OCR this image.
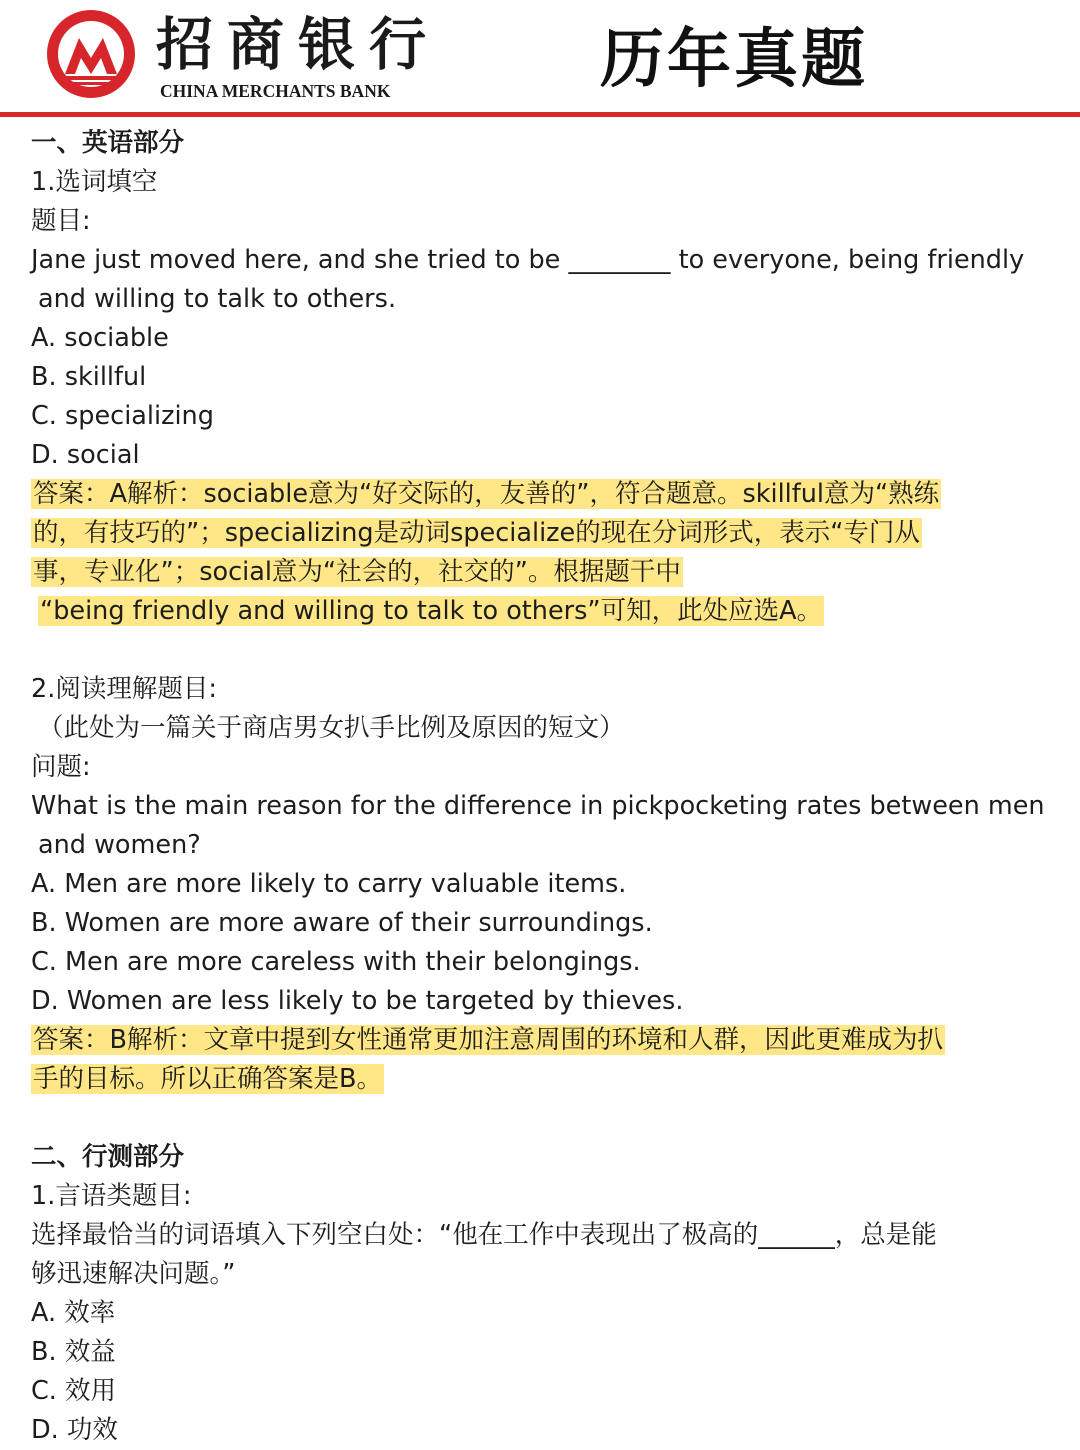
招商银行
CHINA MERCHANTS BANK	历年真题
一、英语部分
1.选词填空
题目:
Jane just moved here, and she tried to be ________ to everyone, being friendly
and willing to talk to others.
A. sociable
B. skillful
C. specializing
D. social
答案：A解析：sociable意为“好交际的，友善的”，符合题意。skillful意为“熟练
的，有技巧的”；specializing是动词specialize的现在分词形式，表示“专门从
事，专业化”；social意为“社会的，社交的”。根据题干中
“being friendly and willing to talk to others”可知，此处应选A。
2.阅读理解题目:
（此处为一篇关于商店男女扒手比例及原因的短文）
问题:
What is the main reason for the difference in pickpocketing rates between men
and women?
A. Men are more likely to carry valuable items.
B. Women are more aware of their surroundings.
C. Men are more careless with their belongings.
D. Women are less likely to be targeted by thieves.
答案：B解析：文章中提到女性通常更加注意周围的环境和人群，因此更难成为扒
手的目标。所以正确答案是B。
二、行测部分
1.言语类题目:
选择最恰当的词语填入下列空白处：“他在工作中表现出了极高的______，总是能
够迅速解决问题。”
A. 效率
B. 效益
C. 效用
D. 功效
